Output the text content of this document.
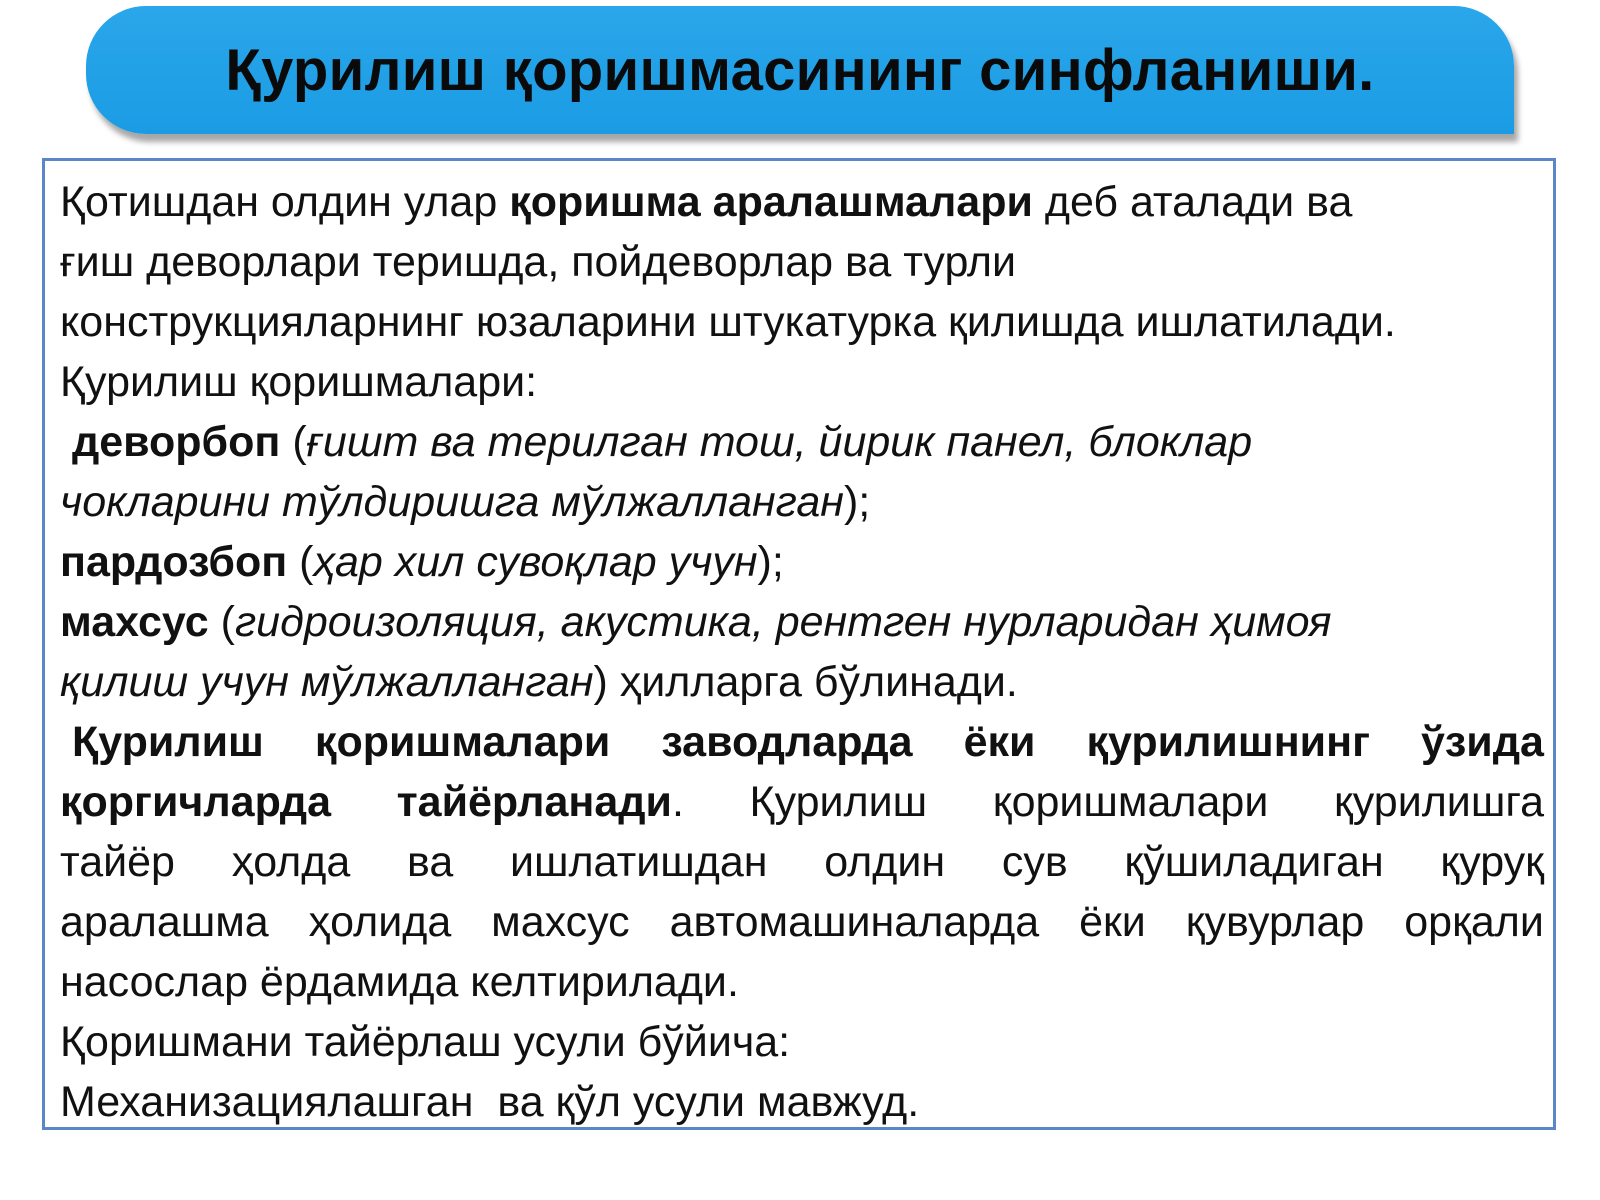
Қурилиш қоришмасининг синфланиши.
Қотишдан олдин улар қоришма аралашмалари деб аталади ва
ғиш деворлари теришда, пойдеворлар ва турли
конструкцияларнинг юзаларини штукатурка қилишда ишлатилади.
Қурилиш қоришмалари:
деворбоп (ғишт ва терилган тош, йирик панел, блоклар
чокларини тўлдиришга мўлжалланган);
пардозбоп (ҳар хил сувоқлар учун);
махсус (гидроизоляция, акустика, рентген нурларидан ҳимоя
қилиш учун мўлжалланган) ҳилларга бўлинади.
Қурилиш қоришмалари заводларда ёки қурилишнинг ўзида
қоргичларда тайёрланади. Қурилиш қоришмалари қурилишга
тайёр ҳолда ва ишлатишдан олдин сув қўшиладиган қуруқ
аралашма ҳолида махсус автомашиналарда ёки қувурлар орқали
насослар ёрдамида келтирилади.
Қоришмани тайёрлаш усули бўйича:
Механизациялашган  ва қўл усули мавжуд.
